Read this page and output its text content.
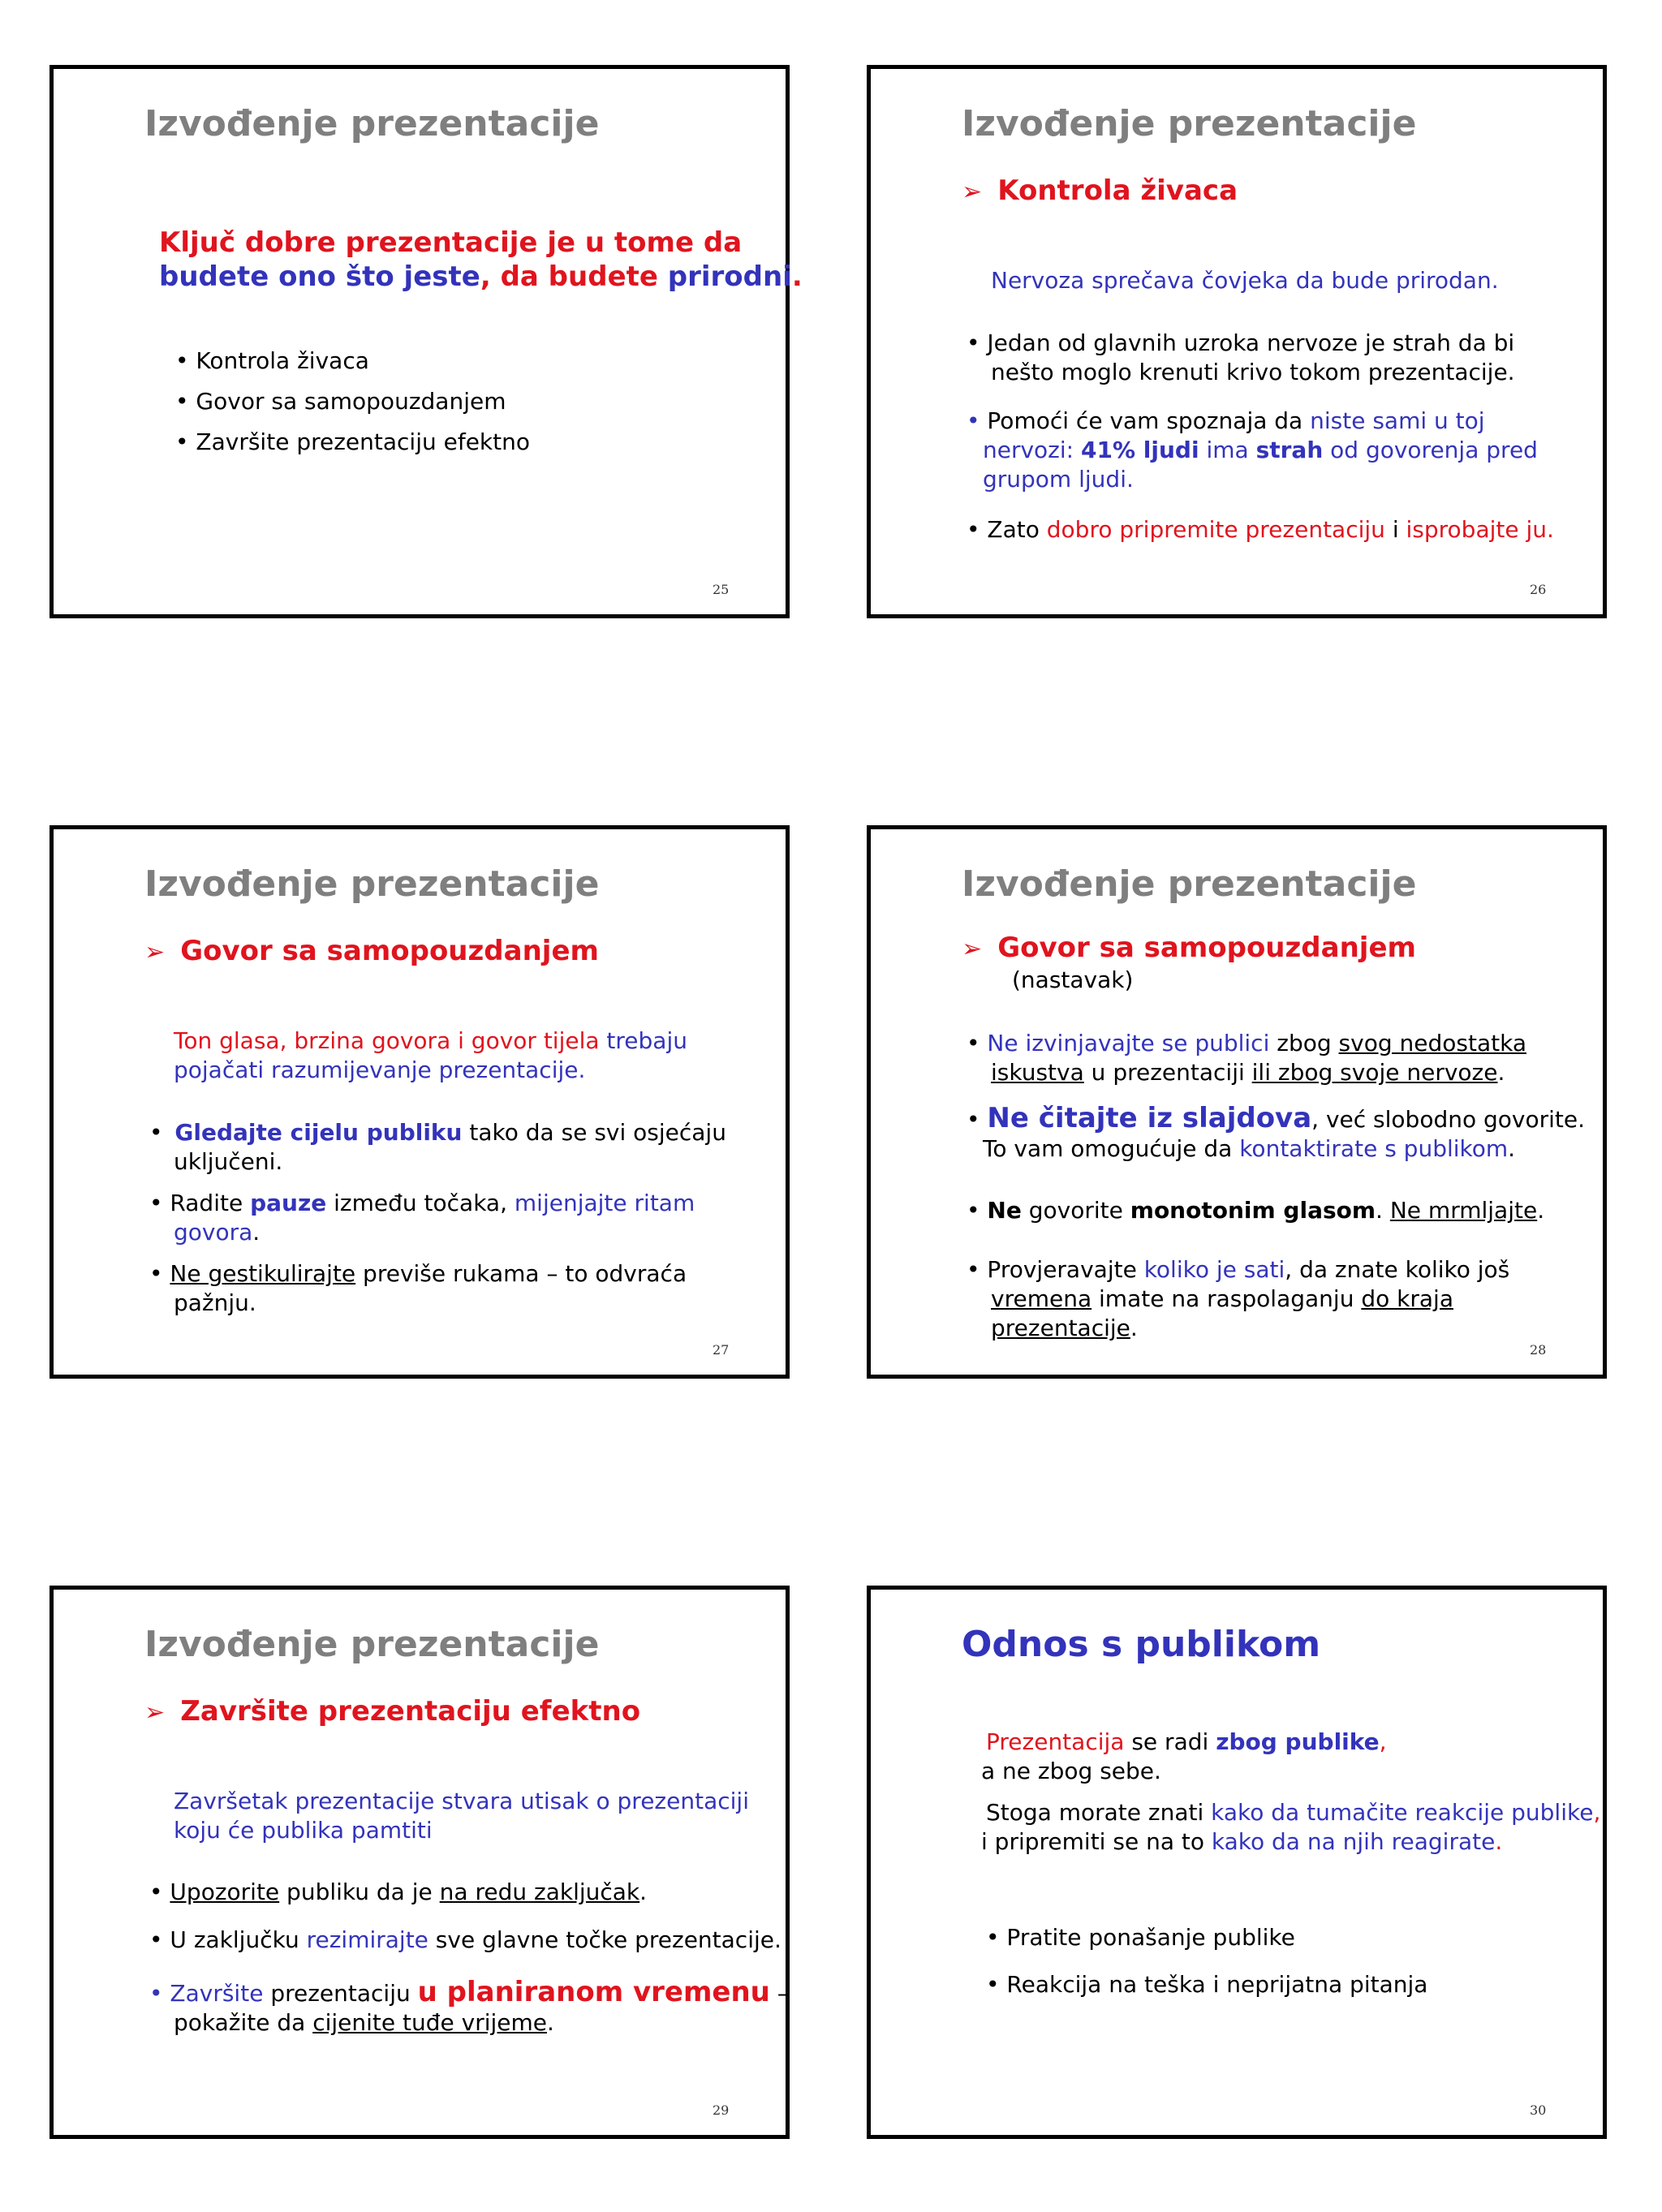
Izvođenje prezentacije
Ključ dobre prezentacije je u tome da
budete ono što jeste, da budete prirodni.
• Kontrola živaca
• Govor sa samopouzdanjem
• Završite prezentaciju efektno
25
Izvođenje prezentacije
➢ Kontrola živaca
Nervoza sprečava čovjeka da bude prirodan.
• Jedan od glavnih uzroka nervoze je strah da bi
nešto moglo krenuti krivo tokom prezentacije.
• Pomoći će vam spoznaja da niste sami u toj
nervozi: 41% ljudi ima strah od govorenja pred
grupom ljudi.
• Zato dobro pripremite prezentaciju i isprobajte ju.
26
Izvođenje prezentacije
➢ Govor sa samopouzdanjem
Ton glasa, brzina govora i govor tijela trebaju
pojačati razumijevanje prezentacije.
• Gledajte cijelu publiku tako da se svi osjećaju
uključeni.
• Radite pauze između točaka, mijenjajte ritam
govora.
• Ne gestikulirajte previše rukama – to odvraća
pažnju.
27
Izvođenje prezentacije
➢ Govor sa samopouzdanjem
(nastavak)
• Ne izvinjavajte se publici zbog svog nedostatka
iskustva u prezentaciji ili zbog svoje nervoze.
• Ne čitajte iz slajdova, već slobodno govorite.
To vam omogućuje da kontaktirate s publikom.
• Ne govorite monotonim glasom. Ne mrmljajte.
• Provjeravajte koliko je sati, da znate koliko još
vremena imate na raspolaganju do kraja
prezentacije.
28
Izvođenje prezentacije
➢ Završite prezentaciju efektno
Završetak prezentacije stvara utisak o prezentaciji
koju će publika pamtiti
• Upozorite publiku da je na redu zaključak.
• U zaključku rezimirajte sve glavne točke prezentacije.
• Završite prezentaciju u planiranom vremenu –
pokažite da cijenite tuđe vrijeme.
29
Odnos s publikom
Prezentacija se radi zbog publike,
a ne zbog sebe.
Stoga morate znati kako da tumačite reakcije publike,
i pripremiti se na to kako da na njih reagirate.
• Pratite ponašanje publike
• Reakcija na teška i neprijatna pitanja
30
